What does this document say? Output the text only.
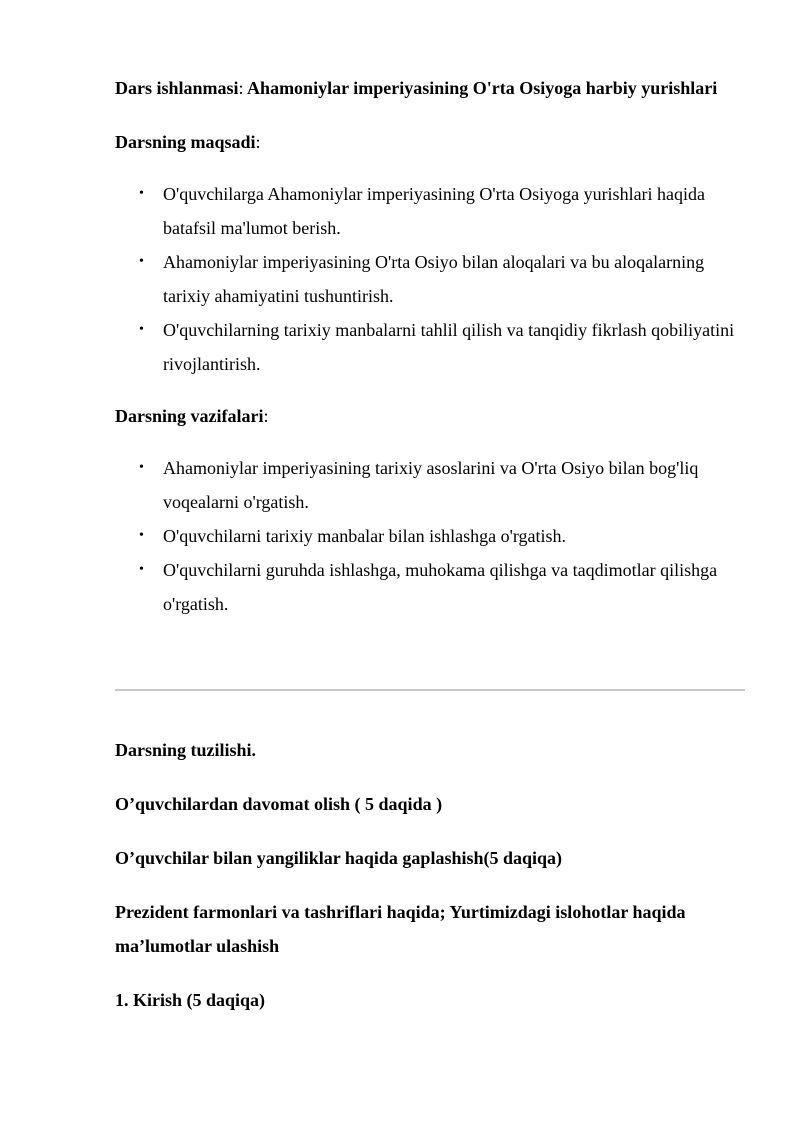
Dars ishlanmasi: Ahamoniylar imperiyasining O'rta Osiyoga harbiy yurishlari

Darsning maqsadi:

• O'quvchilarga Ahamoniylar imperiyasining O'rta Osiyoga yurishlari haqida batafsil ma'lumot berish.
• Ahamoniylar imperiyasining O'rta Osiyo bilan aloqalari va bu aloqalarning tarixiy ahamiyatini tushuntirish.
• O'quvchilarning tarixiy manbalarni tahlil qilish va tanqidiy fikrlash qobiliyatini rivojlantirish.

Darsning vazifalari:

• Ahamoniylar imperiyasining tarixiy asoslarini va O'rta Osiyo bilan bog'liq voqealarni o'rgatish.
• O'quvchilarni tarixiy manbalar bilan ishlashga o'rgatish.
• O'quvchilarni guruhda ishlashga, muhokama qilishga va taqdimotlar qilishga o'rgatish.

Darsning tuzilishi.

O’quvchilardan davomat olish ( 5 daqida )

O’quvchilar bilan yangiliklar haqida gaplashish(5 daqiqa)

Prezident farmonlari va tashriflari haqida; Yurtimizdagi islohotlar haqida ma’lumotlar ulashish

1. Kirish (5 daqiqa)
